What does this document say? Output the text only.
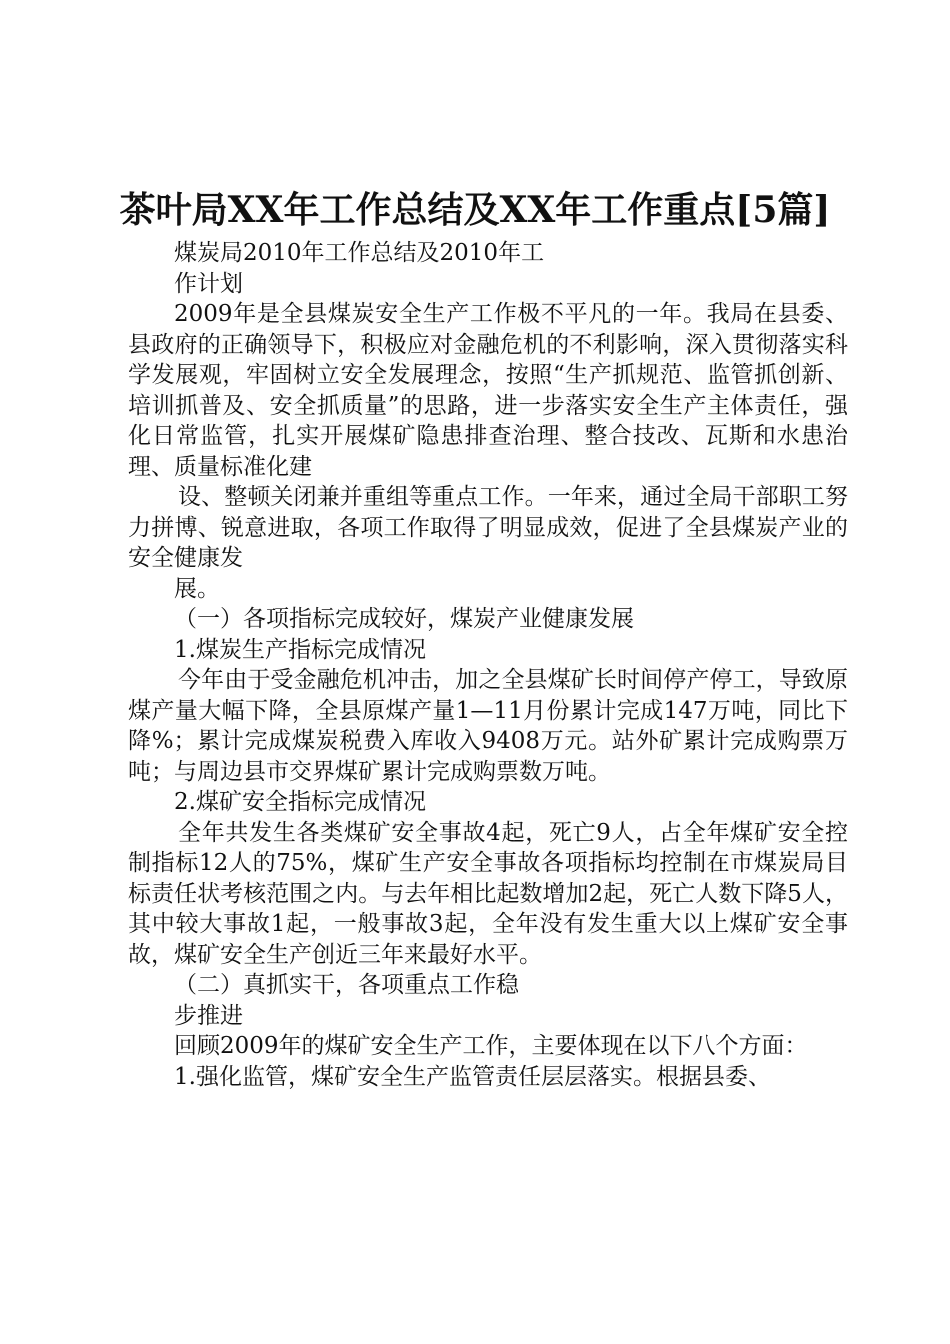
茶叶局XX年工作总结及XX年工作重点[5篇]

煤炭局2010年工作总结及2010年工

作计划

2009年是全县煤炭安全生产工作极不平凡的一年。我局在县委、县政府的正确领导下，积极应对金融危机的不利影响，深入贯彻落实科学发展观，牢固树立安全发展理念，按照“生产抓规范、监管抓创新、培训抓普及、安全抓质量”的思路，进一步落实安全生产主体责任，强化日常监管，扎实开展煤矿隐患排查治理、整合技改、瓦斯和水患治理、质量标准化建

设、整顿关闭兼并重组等重点工作。一年来，通过全局干部职工努力拼博、锐意进取，各项工作取得了明显成效，促进了全县煤炭产业的安全健康发

展。

（一）各项指标完成较好，煤炭产业健康发展

1.煤炭生产指标完成情况

今年由于受金融危机冲击，加之全县煤矿长时间停产停工，导致原煤产量大幅下降，全县原煤产量1—11月份累计完成147万吨，同比下降%；累计完成煤炭税费入库收入9408万元。站外矿累计完成购票万吨；与周边县市交界煤矿累计完成购票数万吨。

2.煤矿安全指标完成情况

全年共发生各类煤矿安全事故4起，死亡9人，占全年煤矿安全控制指标12人的75%，煤矿生产安全事故各项指标均控制在市煤炭局目标责任状考核范围之内。与去年相比起数增加2起，死亡人数下降5人，其中较大事故1起，一般事故3起，全年没有发生重大以上煤矿安全事故，煤矿安全生产创近三年来最好水平。

（二）真抓实干，各项重点工作稳

步推进

回顾2009年的煤矿安全生产工作，主要体现在以下八个方面：

1.强化监管，煤矿安全生产监管责任层层落实。根据县委、
